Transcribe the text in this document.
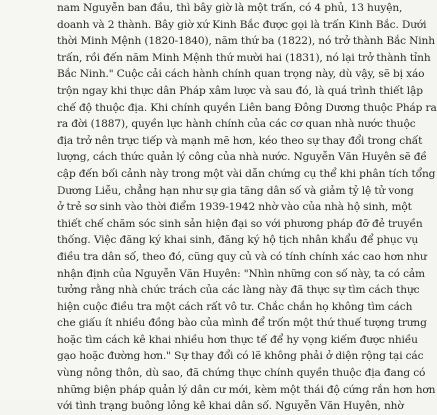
nam Nguyễn ban đầu, thì bây giờ là một trấn, có 4 phủ, 13 huyện,
doanh và 2 thành. Bây giờ xứ Kinh Bắc được gọi là trấn Kinh Bắc. Dưới
thời Minh Mệnh (1820-1840), năm thứ ba (1822), nó trở thành Bắc Ninh
trấn, rồi đến năm Minh Mệnh thứ mười hai (1831), nó lại trở thành tỉnh
Bắc Ninh." Cuộc cải cách hành chính quan trọng này, dù vậy, sẽ bị xáo
trộn ngay khi thực dân Pháp xâm lược và sau đó, là quá trình thiết lập
chế độ thuộc địa. Khi chính quyền Liên bang Đông Dương thuộc Pháp ra
ra đời (1887), quyền lực hành chính của các cơ quan nhà nước thuộc
địa trở nên trực tiếp và mạnh mẽ hơn, kéo theo sự thay đổi trong chất
lượng, cách thức quản lý công của nhà nước. Nguyễn Văn Huyên sẽ đề
cập đến bối cảnh này trong một vài dẫn chứng cụ thể khi phân tích tổng
Dương Liễu, chẳng hạn như sự gia tăng dân số và giảm tỷ lệ tử vong
ở trẻ sơ sinh vào thời điểm 1939-1942 nhờ vào của nhà hộ sinh, một
thiết chế chăm sóc sinh sản hiện đại so với phương pháp đỡ đẻ truyền
thống. Việc đăng ký khai sinh, đăng ký hộ tịch nhân khẩu để phục vụ
điều tra dân số, theo đó, cũng quy củ và có tính chính xác cao hơn như
nhận định của Nguyễn Văn Huyên: "Nhìn những con số này, ta có cảm
tưởng rằng nhà chức trách của các làng này đã thực sự tìm cách thực
hiện cuộc điều tra một cách rất vô tư. Chắc chắn họ không tìm cách
che giấu ít nhiều đồng bào của mình để trốn một thứ thuế tượng trưng
hoặc tìm cách kê khai nhiều hơn thực tế để hy vọng kiếm được nhiều
gạo hoặc đường hơn." Sự thay đổi có lẽ không phải ở diện rộng tại các
vùng nông thôn, dù sao, đã chứng thực chính quyền thuộc địa đang có
những biện pháp quản lý dân cư mới, kèm một thái độ cứng rắn hơn hơn
với tình trạng buông lỏng kê khai dân số. Nguyễn Văn Huyên, nhờ
